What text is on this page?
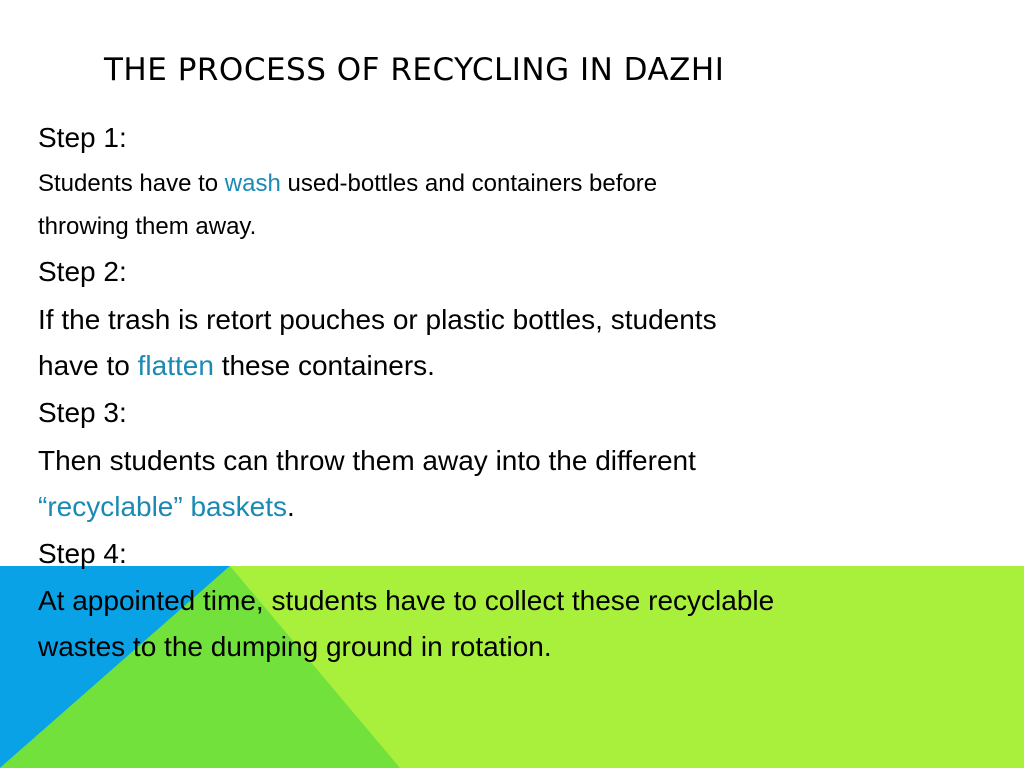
THE PROCESS OF RECYCLING IN DAZHI
Step 1:
Students have to wash used-bottles and containers before
throwing them away.
Step 2:
If the trash is retort pouches or plastic bottles, students
have to flatten these containers.
Step 3:
Then students can throw them away into the different
“recyclable” baskets.
Step 4:
At appointed time, students have to collect these recyclable
wastes to the dumping ground in rotation.
